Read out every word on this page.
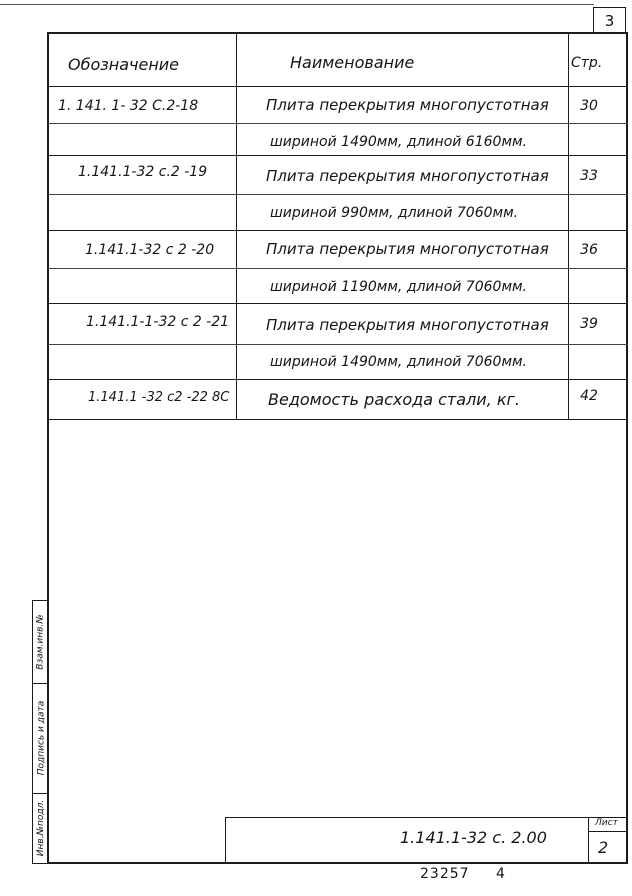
3
Обозначение	Наименование	Стр.
1. 141. 1- 32 С.2-18	Плита перекрытия многопустотная	30
шириной 1490мм, длиной 6160мм.
1.141.1-32 с.2 -19	Плита перекрытия многопустотная	33
шириной 990мм, длиной 7060мм.
1.141.1-32 с 2 -20	Плита перекрытия многопустотная	36
шириной 1190мм, длиной 7060мм.
1.141.1-1-32 с 2 -21 Плита перекрытия многопустотная	39
шириной 1490мм, длиной 7060мм.
1.141.1 -32 с2 -22 8С Ведомость расхода стали, кг.	42
Взам.инв.№
Подпись и дата
Инв.№подл.	1.141.1-32 с. 2.00
Лист
2
23257 4
